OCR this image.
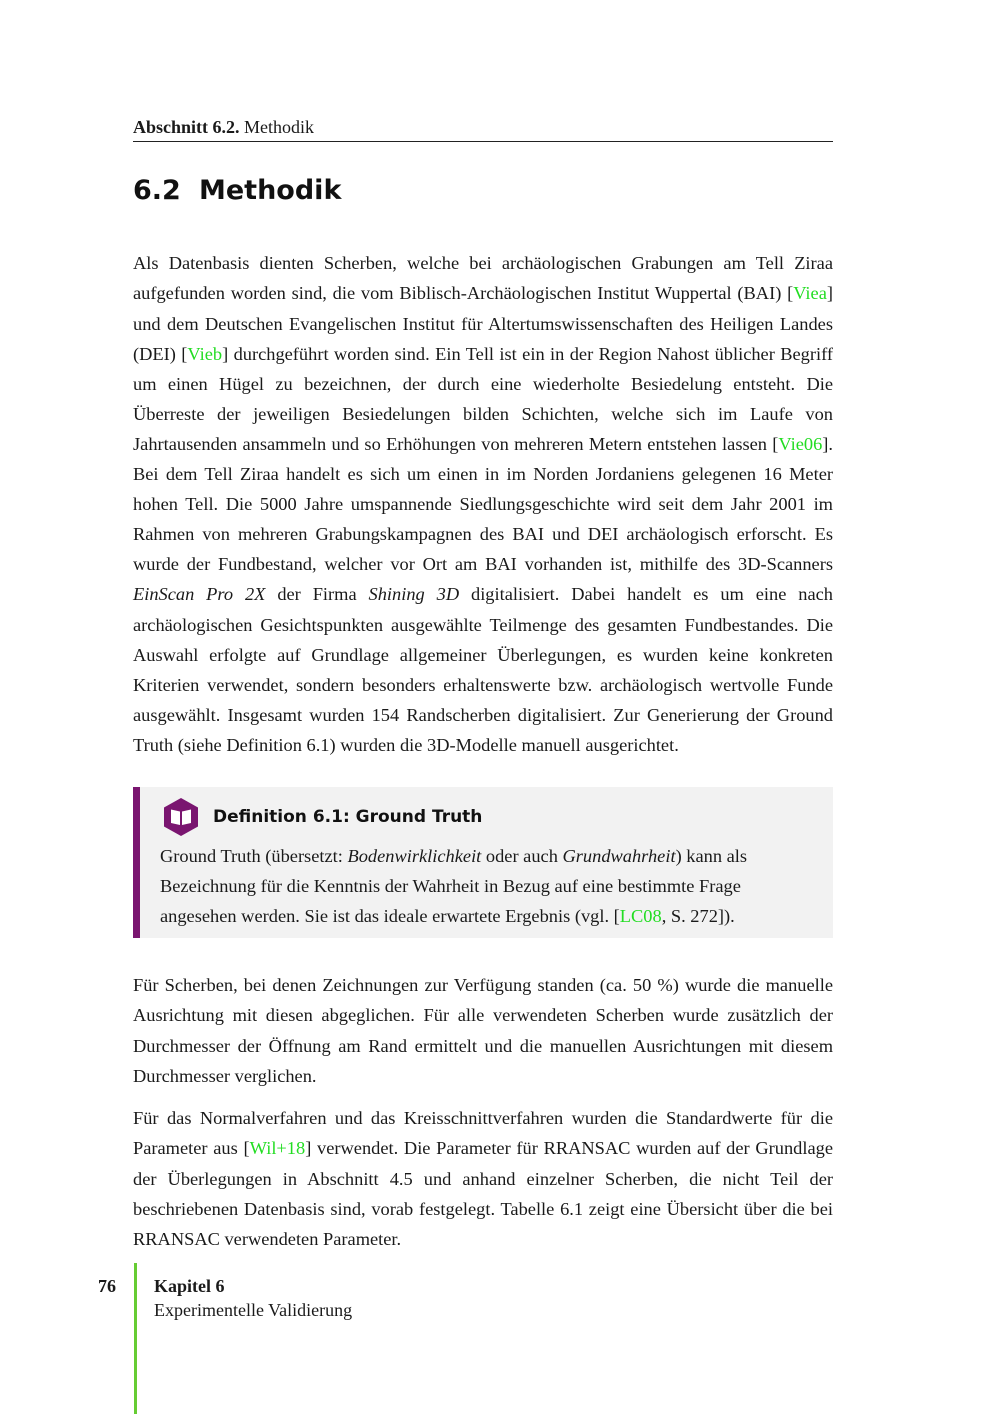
Abschnitt 6.2. Methodik
6.2 Methodik

Als Datenbasis dienten Scherben, welche bei archäologischen Grabungen am Tell Ziraa aufgefunden worden sind, die vom Biblisch-Archäologischen Institut Wuppertal (BAI) [Viea] und dem Deutschen Evangelischen Institut für Altertumswissenschaften des Heiligen Landes (DEI) [Vieb] durchgeführt worden sind. Ein Tell ist ein in der Region Nahost üblicher Begriff um einen Hügel zu bezeichnen, der durch eine wiederholte Besiedelung entsteht. Die Überreste der jeweiligen Besiedelungen bilden Schichten, welche sich im Laufe von Jahrtausenden ansammeln und so Erhöhungen von mehreren Metern entstehen lassen [Vie06]. Bei dem Tell Ziraa handelt es sich um einen in im Norden Jordaniens gelegenen 16 Meter hohen Tell. Die 5000 Jahre umspannende Siedlungsgeschichte wird seit dem Jahr 2001 im Rahmen von mehreren Grabungskampagnen des BAI und DEI archäologisch erforscht. Es wurde der Fundbestand, welcher vor Ort am BAI vorhanden ist, mithilfe des 3D-Scanners EinScan Pro 2X der Firma Shining 3D digitalisiert. Dabei handelt es um eine nach archäologischen Gesichtspunkten ausgewählte Teilmenge des gesamten Fundbestandes. Die Auswahl erfolgte auf Grundlage allgemeiner Überlegungen, es wurden keine konkreten Kriterien verwendet, sondern besonders erhaltenswerte bzw. archäologisch wertvolle Funde ausgewählt. Insgesamt wurden 154 Randscherben digitalisiert. Zur Generierung der Ground Truth (siehe Definition 6.1) wurden die 3D-Modelle manuell ausgerichtet.

Definition 6.1: Ground Truth
Ground Truth (übersetzt: Bodenwirklichkeit oder auch Grundwahrheit) kann als Bezeichnung für die Kenntnis der Wahrheit in Bezug auf eine bestimmte Frage angesehen werden. Sie ist das ideale erwartete Ergebnis (vgl. [LC08, S. 272]).

Für Scherben, bei denen Zeichnungen zur Verfügung standen (ca. 50 %) wurde die manuelle Ausrichtung mit diesen abgeglichen. Für alle verwendeten Scherben wurde zusätzlich der Durchmesser der Öffnung am Rand ermittelt und die manuellen Ausrichtungen mit diesem Durchmesser verglichen.

Für das Normalverfahren und das Kreisschnittverfahren wurden die Standardwerte für die Parameter aus [Wil+18] verwendet. Die Parameter für RRANSAC wurden auf der Grundlage der Überlegungen in Abschnitt 4.5 und anhand einzelner Scherben, die nicht Teil der beschriebenen Datenbasis sind, vorab festgelegt. Tabelle 6.1 zeigt eine Übersicht über die bei RRANSAC verwendeten Parameter.

76 Kapitel 6
Experimentelle Validierung
